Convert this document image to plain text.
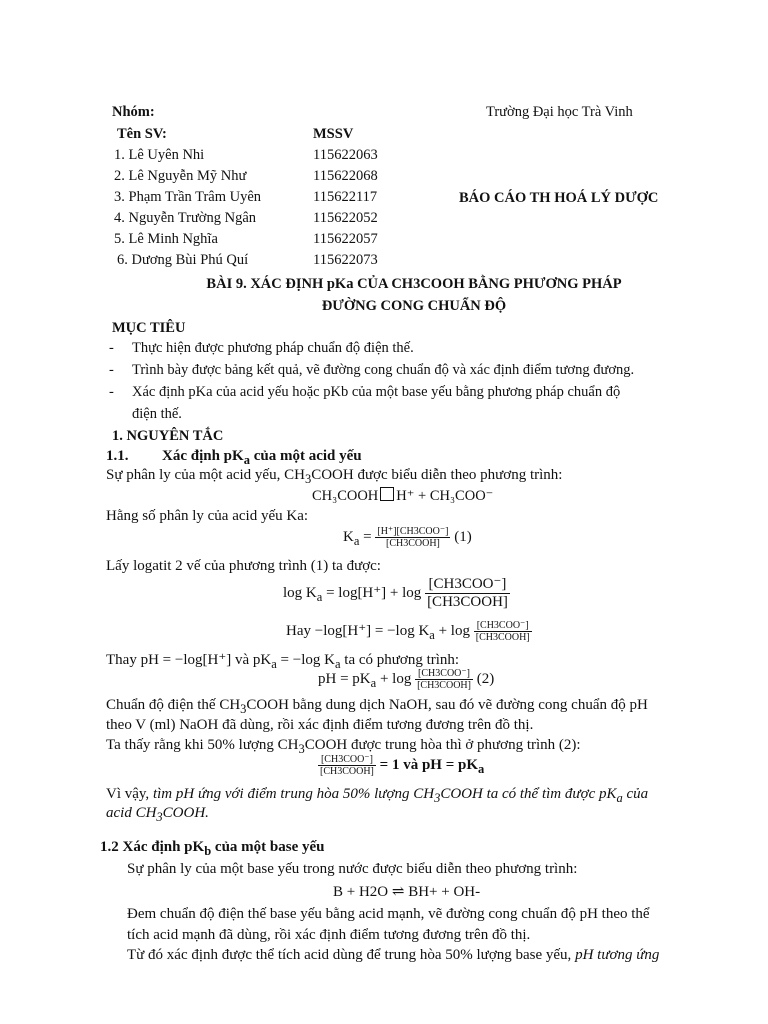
Nhóm:	Trường Đại học Trà Vinh
Tên SV:	MSSV
1. Lê Uyên Nhi	115622063
2. Lê Nguyễn Mỹ Như	115622068
3. Phạm Trần Trâm Uyên	115622117
4. Nguyễn Trường Ngân	115622052
5. Lê Minh Nghĩa	115622057
6. Dương Bùi Phú Quí	115622073
BÁO CÁO TH HOÁ LÝ DƯỢC
BÀI 9. XÁC ĐỊNH pKa CỦA CH3COOH BẰNG PHƯƠNG PHÁP
ĐƯỜNG CONG CHUẨN ĐỘ
MỤC TIÊU
- Thực hiện được phương pháp chuẩn độ điện thế.
- Trình bày được bảng kết quả, vẽ đường cong chuẩn độ và xác định điểm tương đương.
- Xác định pKa của acid yếu hoặc pKb của một base yếu bằng phương pháp chuẩn độ
điện thế.
1. NGUYÊN TẮC
1.1. Xác định $pK_a$ của một acid yếu
Sự phân ly của một acid yếu, $CH_3COOH$ được biểu diễn theo phương trình:
CH₃COOH H⁺ + CH₃COO⁻
Hằng số phân ly của acid yếu Ka:
$K_a = \frac{\text{[H⁺][CH3COO⁻]}}{\text{[CH3COOH]}} (1)$
Lấy logatit 2 vế của phương trình (1) ta được:
$\log K_a = \log[H^+] + \log \frac{\text{[CH3COO⁻]}}{\text{[CH3COOH]}}$
Hay −log[H⁺] = −log $K_a + \log \frac{\text{[CH3COO⁻]}}{\text{[CH3COOH]}}$
Thay pH = −log[H⁺] và $pK_a = -\log$ $K_a$ ta có phương trình:
pH = $pK_a + \log \frac{\text{[CH3COO⁻]}}{\text{[CH3COOH]}} (2)$
Chuẩn độ điện thế $CH_3COOH$ bằng dung dịch NaOH, sau đó vẽ đường cong chuẩn độ pH
theo V (ml) NaOH đã dùng, rồi xác định điểm tương đương trên đồ thị.
Ta thấy rằng khi 50% lượng $CH_3COOH$ được trung hòa thì ở phương trình (2):
$\frac{\text{[CH3COO⁻]}}{\text{[CH3COOH]}} = 1$ và pH = $pK_a$
Vì vậy, tìm pH ứng với điểm trung hòa 50% lượng $CH_3COOH$ ta có thể tìm được $pK_a$ của
acid $CH_3COOH$.
1.2 Xác định $pK_b$ của một base yếu
Sự phân ly của một base yếu trong nước được biểu diễn theo phương trình:
B + H2O ⇌ BH+ + OH-
Đem chuẩn độ điện thế base yếu bằng acid mạnh, vẽ đường cong chuẩn độ pH theo thể
tích acid mạnh đã dùng, rồi xác định điểm tương đương trên đồ thị.
Từ đó xác định được thể tích acid dùng để trung hòa 50% lượng base yếu, pH tương ứng
